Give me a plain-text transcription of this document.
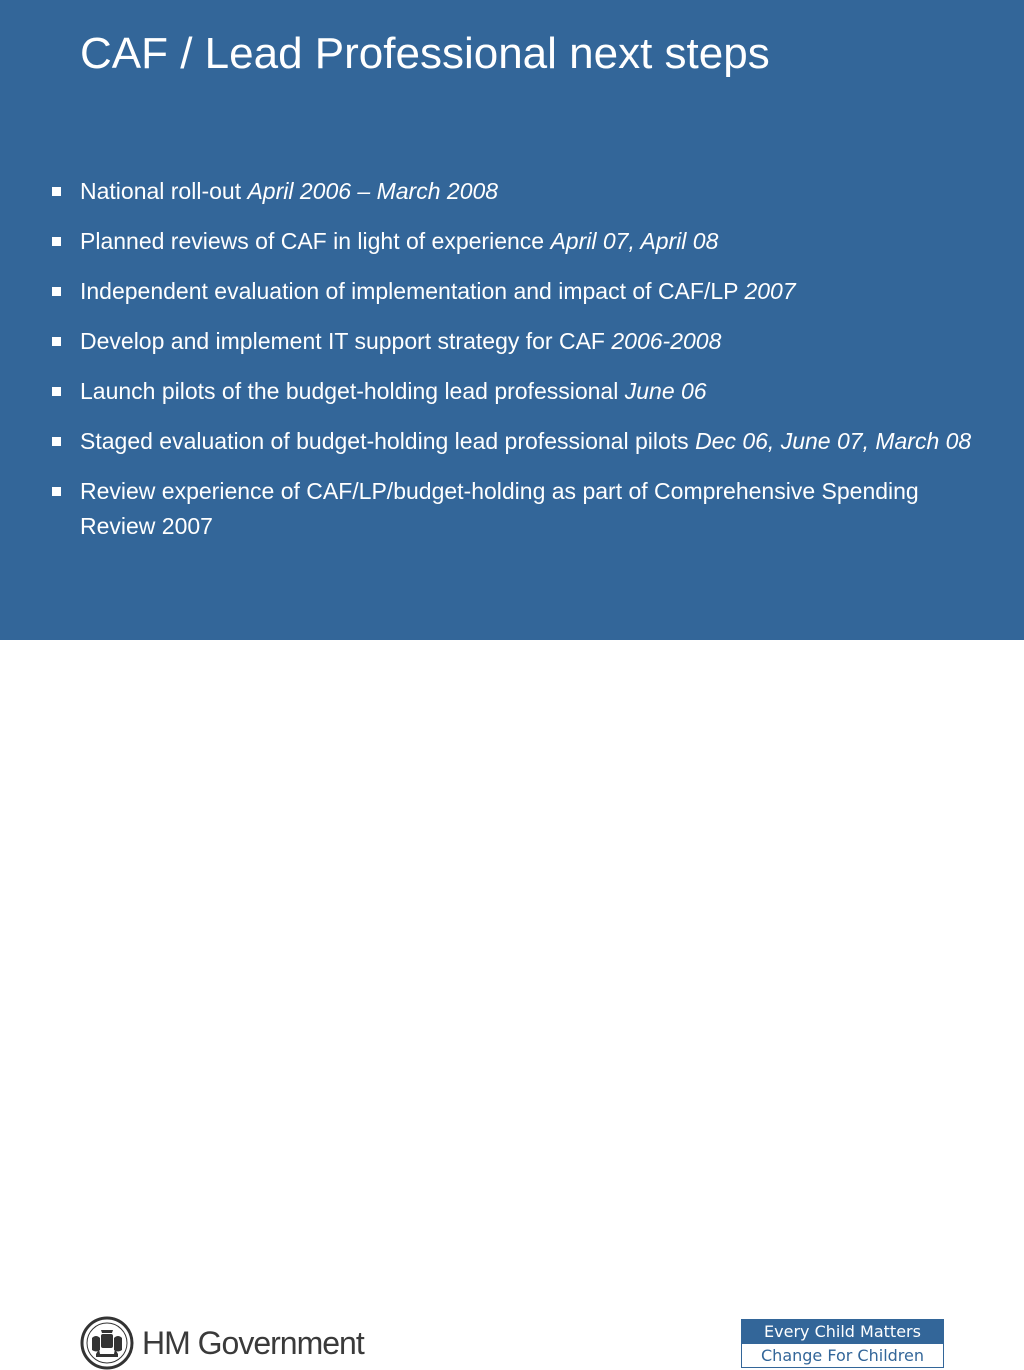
CAF / Lead Professional next steps
National roll-out April 2006 – March 2008
Planned reviews of CAF in light of experience April 07, April 08
Independent evaluation of implementation and impact of CAF/LP 2007
Develop and implement IT support strategy for CAF 2006-2008
Launch pilots of the budget-holding lead professional June 06
Staged evaluation of budget-holding lead professional pilots Dec 06, June 07, March 08
Review experience of CAF/LP/budget-holding as part of Comprehensive Spending Review 2007
HM Government	Every Child Matters
Change For Children
